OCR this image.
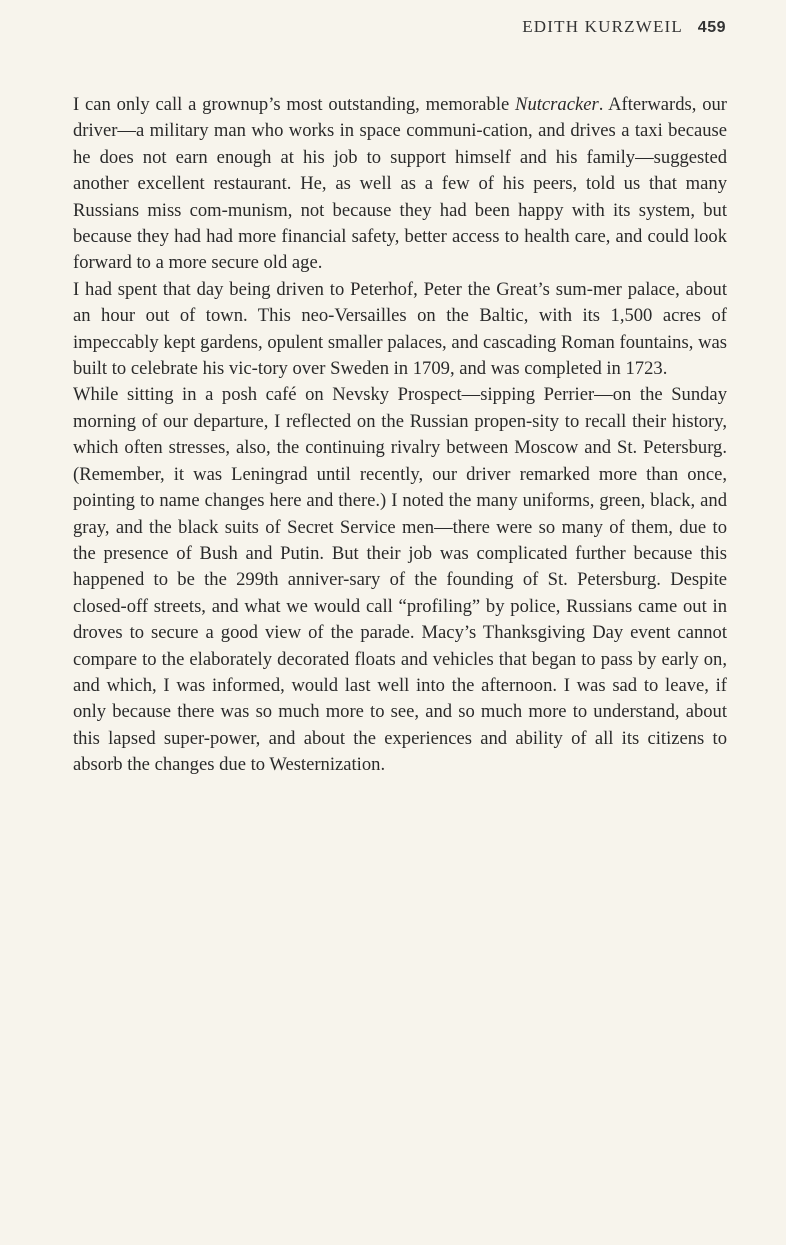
EDITH KURZWEIL 459

I can only call a grownup’s most outstanding, memorable Nutcracker. Afterwards, our driver—a military man who works in space communi-cation, and drives a taxi because he does not earn enough at his job to support himself and his family—suggested another excellent restaurant. He, as well as a few of his peers, told us that many Russians miss com-munism, not because they had been happy with its system, but because they had had more financial safety, better access to health care, and could look forward to a more secure old age.

I had spent that day being driven to Peterhof, Peter the Great’s sum-mer palace, about an hour out of town. This neo-Versailles on the Baltic, with its 1,500 acres of impeccably kept gardens, opulent smaller palaces, and cascading Roman fountains, was built to celebrate his vic-tory over Sweden in 1709, and was completed in 1723.

While sitting in a posh café on Nevsky Prospect—sipping Perrier—on the Sunday morning of our departure, I reflected on the Russian propen-sity to recall their history, which often stresses, also, the continuing rivalry between Moscow and St. Petersburg. (Remember, it was Leningrad until recently, our driver remarked more than once, pointing to name changes here and there.) I noted the many uniforms, green, black, and gray, and the black suits of Secret Service men—there were so many of them, due to the presence of Bush and Putin. But their job was complicated further because this happened to be the 299th anniver-sary of the founding of St. Petersburg. Despite closed-off streets, and what we would call “profiling” by police, Russians came out in droves to secure a good view of the parade. Macy’s Thanksgiving Day event cannot compare to the elaborately decorated floats and vehicles that began to pass by early on, and which, I was informed, would last well into the afternoon. I was sad to leave, if only because there was so much more to see, and so much more to understand, about this lapsed super-power, and about the experiences and ability of all its citizens to absorb the changes due to Westernization.
